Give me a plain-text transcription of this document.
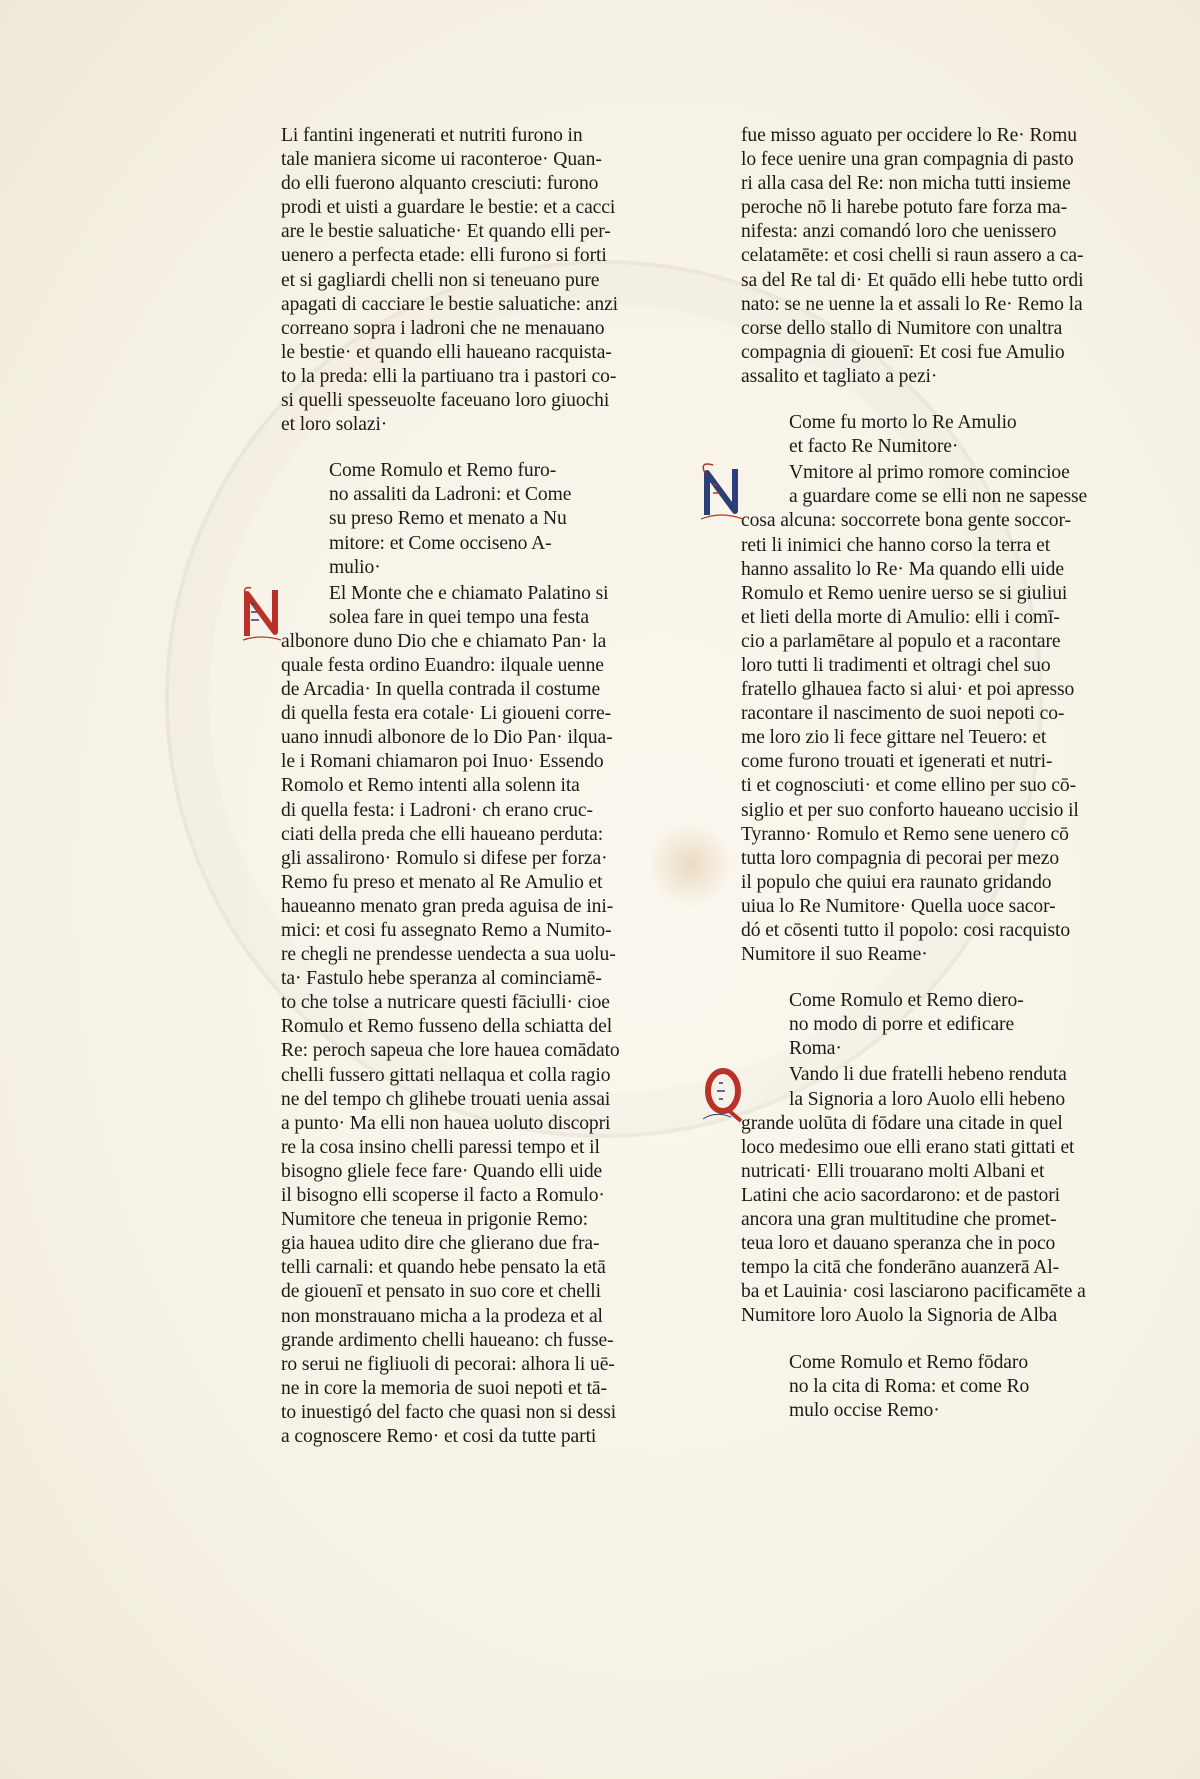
Li fantini ingenerati et nutriti furono in
tale maniera sicome ui raconteroe· Quan-
do elli fuerono alquanto cresciuti: furono
prodi et uisti a guardare le bestie: et a cacci
are le bestie saluatiche· Et quando elli per-
uenero a perfecta etade: elli furono si forti
et si gagliardi chelli non si teneuano pure
apagati di cacciare le bestie saluatiche: anzi
correano sopra i ladroni che ne menauano
le bestie· et quando elli haueano racquista-
to la preda: elli la partiuano tra i pastori co-
si quelli spesseuolte faceuano loro giuochi
et loro solazi·
Come Romulo et Remo furo-
no assaliti da Ladroni: et Come
su preso Remo et menato a Nu
mitore: et Come occiseno A-
mulio·
El Monte che e chiamato Palatino si
solea fare in quei tempo una festa
albonore duno Dio che e chiamato Pan· la
quale festa ordino Euandro: ilquale uenne
de Arcadia· In quella contrada il costume
di quella festa era cotale· Li gioueni corre-
uano innudi albonore de lo Dio Pan· ilqua-
le i Romani chiamaron poi Inuo· Essendo
Romolo et Remo intenti alla solenn ita
di quella festa: i Ladroni· ch erano cruc-
ciati della preda che elli haueano perduta:
gli assalirono· Romulo si difese per forza·
Remo fu preso et menato al Re Amulio et
haueanno menato gran preda aguisa de ini-
mici: et cosi fu assegnato Remo a Numito-
re chegli ne prendesse uendecta a sua uolu-
ta· Fastulo hebe speranza al cominciamē-
to che tolse a nutricare questi fāciulli· cioe
Romulo et Remo fusseno della schiatta del
Re: peroch sapeua che lore hauea comādato
chelli fussero gittati nellaqua et colla ragio
ne del tempo ch glihebe trouati uenia assai
a punto· Ma elli non hauea uoluto discopri
re la cosa insino chelli paressi tempo et il
bisogno gliele fece fare· Quando elli uide
il bisogno elli scoperse il facto a Romulo·
Numitore che teneua in prigonie Remo:
gia hauea udito dire che glierano due fra-
telli carnali: et quando hebe pensato la etā
de giouenī et pensato in suo core et chelli
non monstrauano micha a la prodeza et al
grande ardimento chelli haueano: ch fusse-
ro serui ne figliuoli di pecorai: alhora li uē-
ne in core la memoria de suoi nepoti et tā-
to inuestigó del facto che quasi non si dessi
a cognoscere Remo· et cosi da tutte parti
fue misso aguato per occidere lo Re· Romu
lo fece uenire una gran compagnia di pasto
ri alla casa del Re: non micha tutti insieme
peroche nō li harebe potuto fare forza ma-
nifesta: anzi comandó loro che uenissero
celatamēte: et cosi chelli si raun assero a ca-
sa del Re tal di· Et quādo elli hebe tutto ordi
nato: se ne uenne la et assali lo Re· Remo la
corse dello stallo di Numitore con unaltra
compagnia di giouenī: Et cosi fue Amulio
assalito et tagliato a pezi·
Come fu morto lo Re Amulio
et facto Re Numitore·
Vmitore al primo romore comincioe
a guardare come se elli non ne sapesse
cosa alcuna: soccorrete bona gente soccor-
reti li inimici che hanno corso la terra et
hanno assalito lo Re· Ma quando elli uide
Romulo et Remo uenire uerso se si giuliui
et lieti della morte di Amulio: elli i comī-
cio a parlamētare al populo et a racontare
loro tutti li tradimenti et oltragi chel suo
fratello glhauea facto si alui· et poi apresso
racontare il nascimento de suoi nepoti co-
me loro zio li fece gittare nel Teuero: et
come furono trouati et igenerati et nutri-
ti et cognosciuti· et come ellino per suo cō-
siglio et per suo conforto haueano uccisio il
Tyranno· Romulo et Remo sene uenero cō
tutta loro compagnia di pecorai per mezo
il populo che quiui era raunato gridando
uiua lo Re Numitore· Quella uoce sacor-
dó et cōsenti tutto il popolo: cosi racquisto
Numitore il suo Reame·
Come Romulo et Remo diero-
no modo di porre et edificare
Roma·
Vando li due fratelli hebeno renduta
la Signoria a loro Auolo elli hebeno
grande uolūta di fōdare una citade in quel
loco medesimo oue elli erano stati gittati et
nutricati· Elli trouarano molti Albani et
Latini che acio sacordarono: et de pastori
ancora una gran multitudine che promet-
teua loro et dauano speranza che in poco
tempo la citā che fonderāno auanzerā Al-
ba et Lauinia· cosi lasciarono pacificamēte a
Numitore loro Auolo la Signoria de Alba
Come Romulo et Remo fōdaro
no la cita di Roma: et come Ro
mulo occise Remo·
